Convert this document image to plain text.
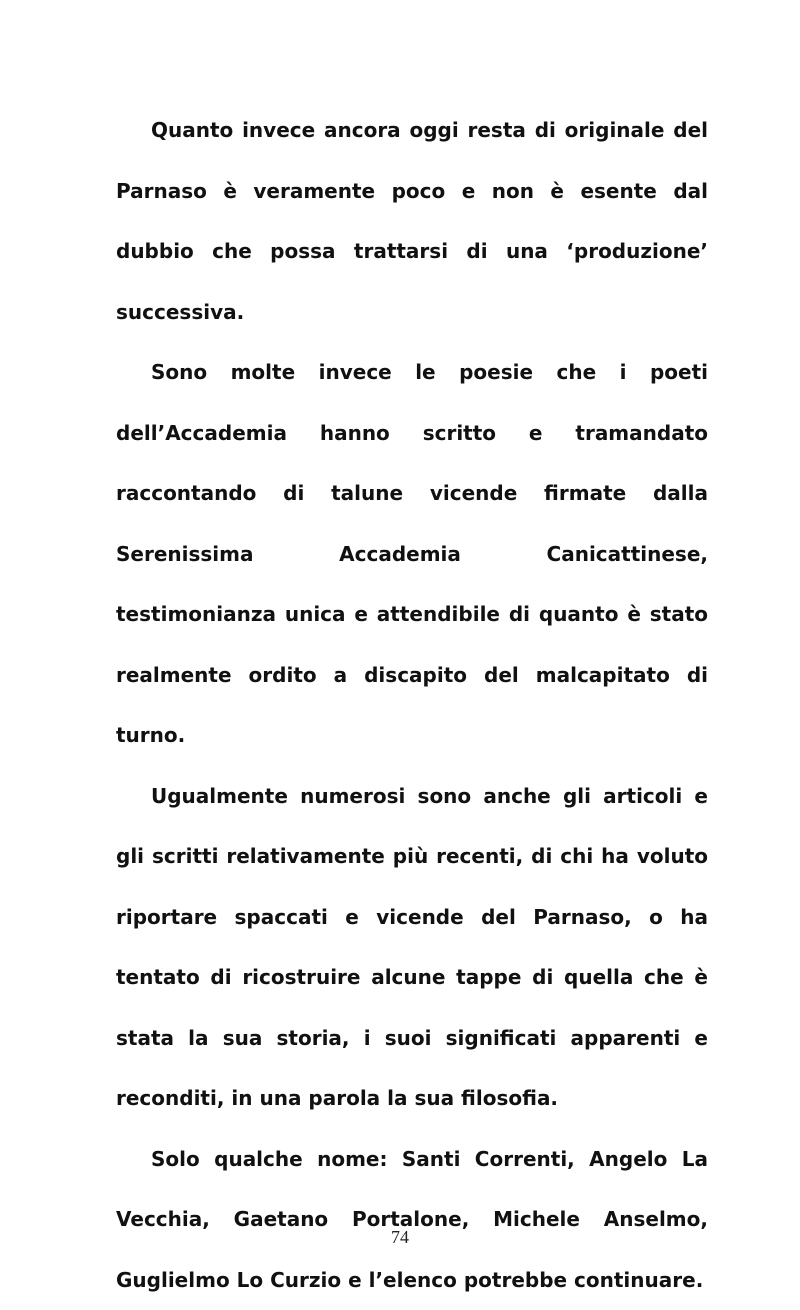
Quanto invece ancora oggi resta di originale del Parnaso è veramente poco e non è esente dal dubbio che possa trattarsi di una ‘produzione’ successiva.

Sono molte invece le poesie che i poeti dell’Accademia hanno scritto e tramandato raccontando di talune vicende firmate dalla Serenissima Accademia Canicattinese, testimonianza unica e attendibile di quanto è stato realmente ordito a discapito del malcapitato di turno.

Ugualmente numerosi sono anche gli articoli e gli scritti relativamente più recenti, di chi ha voluto riportare spaccati e vicende del Parnaso, o ha tentato di ricostruire alcune tappe di quella che è stata la sua storia, i suoi significati apparenti e reconditi, in una parola la sua filosofia.

Solo qualche nome: Santi Correnti, Angelo La Vecchia, Gaetano Portalone, Michele Anselmo, Guglielmo Lo Curzio e l’elenco potrebbe continuare.

74
